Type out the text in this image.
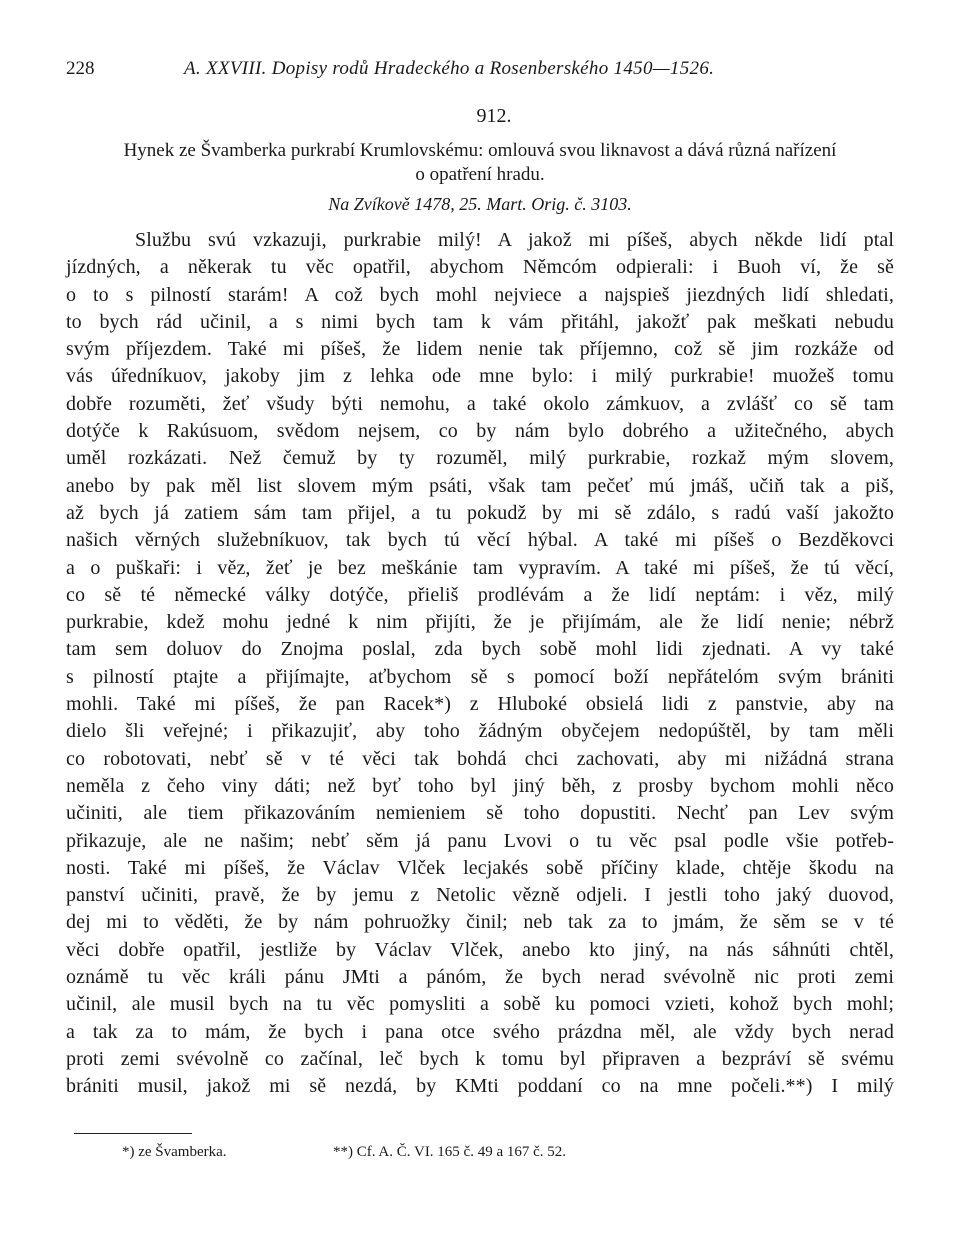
228	A. XXVIII. Dopisy rodů Hradeckého a Rosenberského 1450—1526.
912.
Hynek ze Švamberka purkrabí Krumlovskému: omlouvá svou liknavost a dává různá nařízení
o opatření hradu.
Na Zvíkově 1478, 25. Mart. Orig. č. 3103.
Službu svú vzkazuji, purkrabie milý! A jakož mi píšeš, abych někde lidí ptal
jízdných, a někerak tu věc opatřil, abychom Němcóm odpierali: i Buoh ví, že sě
o to s pilností starám! A což bych mohl nejviece a najspieš jiezdných lidí shledati,
to bych rád učinil, a s nimi bych tam k vám přitáhl, jakožť pak meškati nebudu
svým příjezdem. Také mi píšeš, že lidem nenie tak příjemno, což sě jim rozkáže od
vás úředníkuov, jakoby jim z lehka ode mne bylo: i milý purkrabie! muožeš tomu
dobře rozuměti, žeť všudy býti nemohu, a také okolo zámkuov, a zvlášť co sě tam
dotýče k Rakúsuom, svědom nejsem, co by nám bylo dobrého a užitečného, abych
uměl rozkázati. Než čemuž by ty rozuměl, milý purkrabie, rozkaž mým slovem,
anebo by pak měl list slovem mým psáti, však tam pečeť mú jmáš, učiň tak a piš,
až bych já zatiem sám tam přijel, a tu pokudž by mi sě zdálo, s radú vaší jakožto
našich věrných služebníkuov, tak bych tú věcí hýbal. A také mi píšeš o Bezděkovci
a o puškaři: i věz, žeť je bez meškánie tam vypravím. A také mi píšeš, že tú věcí,
co sě té německé války dotýče, přieliš prodlévám a že lidí neptám: i věz, milý
purkrabie, kdež mohu jedné k nim přijíti, že je přijímám, ale že lidí nenie; nébrž
tam sem doluov do Znojma poslal, zda bych sobě mohl lidi zjednati. A vy také
s pilností ptajte a přijímajte, aťbychom sě s pomocí boží nepřátelóm svým brániti
mohli. Také mi píšeš, že pan Racek*) z Hluboké obsielá lidi z panstvie, aby na
dielo šli veřejné; i přikazujiť, aby toho žádným obyčejem nedopúštěl, by tam měli
co robotovati, nebť sě v té věci tak bohdá chci zachovati, aby mi nižádná strana
neměla z čeho viny dáti; než byť toho byl jiný běh, z prosby bychom mohli něco
učiniti, ale tiem přikazováním nemieniem sě toho dopustiti. Nechť pan Lev svým
přikazuje, ale ne našim; nebť sěm já panu Lvovi o tu věc psal podle všie potřeb-
nosti. Také mi píšeš, že Václav Vlček lecjakés sobě příčiny klade, chtěje škodu na
panství učiniti, pravě, že by jemu z Netolic vězně odjeli. I jestli toho jaký duovod,
dej mi to věděti, že by nám pohruožky činil; neb tak za to jmám, že sěm se v té
věci dobře opatřil, jestliže by Václav Vlček, anebo kto jiný, na nás sáhnúti chtěl,
oznámě tu věc králi pánu JMti a pánóm, že bych nerad svévolně nic proti zemi
učinil, ale musil bych na tu věc pomysliti a sobě ku pomoci vzieti, kohož bych mohl;
a tak za to mám, že bych i pana otce svého prázdna měl, ale vždy bych nerad
proti zemi svévolně co začínal, leč bych k tomu byl připraven a bezpráví sě svému
brániti musil, jakož mi sě nezdá, by KMti poddaní co na mne počeli.**) I milý
*) ze Švamberka.	**) Cf. A. Č. VI. 165 č. 49 a 167 č. 52.
